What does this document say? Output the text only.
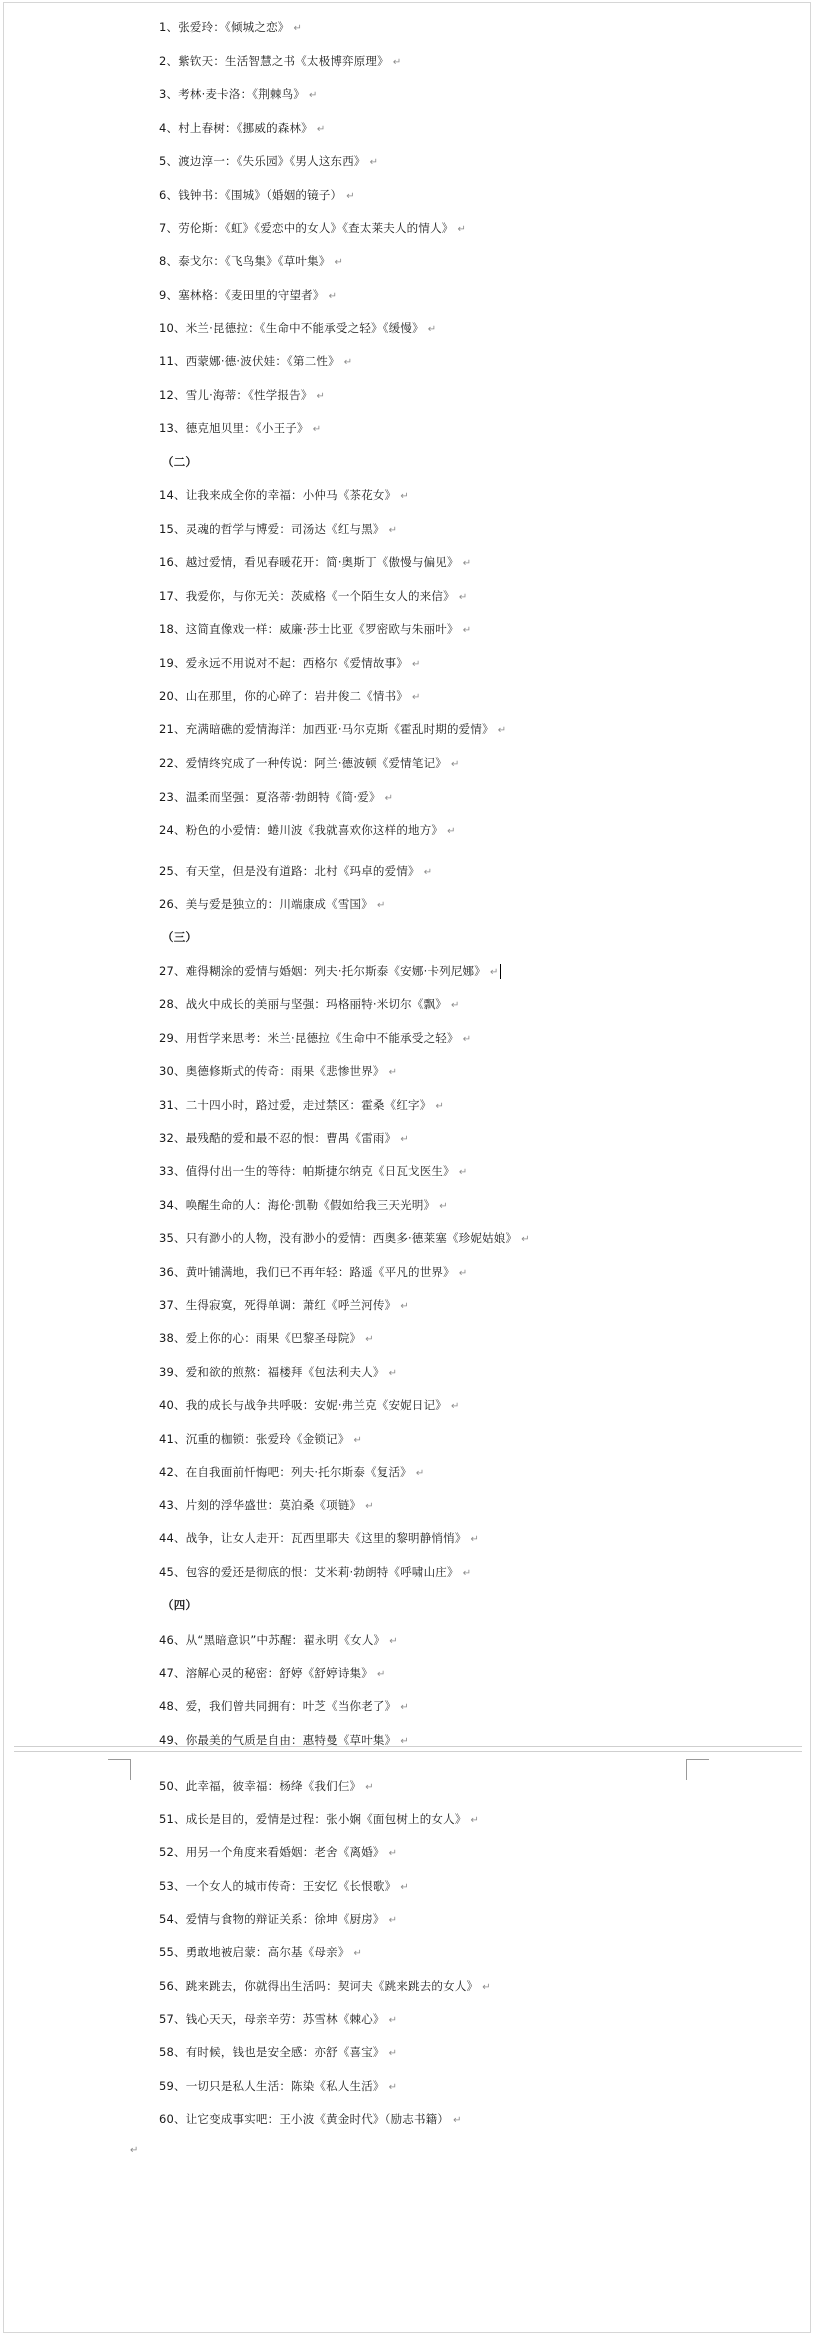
1、张爱玲：《倾城之恋》 ↵
2、紫钦天：生活智慧之书《太极博弈原理》 ↵
3、考林·麦卡洛：《荆棘鸟》 ↵
4、村上春树：《挪威的森林》 ↵
5、渡边淳一：《失乐园》《男人这东西》 ↵
6、钱钟书：《围城》（婚姻的镜子） ↵
7、劳伦斯：《虹》《爱恋中的女人》《查太莱夫人的情人》 ↵
8、泰戈尔：《飞鸟集》《草叶集》 ↵
9、塞林格：《麦田里的守望者》 ↵
10、米兰·昆德拉：《生命中不能承受之轻》《缓慢》 ↵
11、西蒙娜·德·波伏娃：《第二性》 ↵
12、雪儿·海蒂：《性学报告》 ↵
13、德克旭贝里：《小王子》 ↵
（二）
14、让我来成全你的幸福：小仲马《茶花女》 ↵
15、灵魂的哲学与博爱：司汤达《红与黑》 ↵
16、越过爱情，看见春暖花开：简·奥斯丁《傲慢与偏见》 ↵
17、我爱你，与你无关：茨威格《一个陌生女人的来信》 ↵
18、这简直像戏一样：威廉·莎士比亚《罗密欧与朱丽叶》 ↵
19、爱永远不用说对不起：西格尔《爱情故事》 ↵
20、山在那里，你的心碎了：岩井俊二《情书》 ↵
21、充满暗礁的爱情海洋：加西亚·马尔克斯《霍乱时期的爱情》 ↵
22、爱情终究成了一种传说：阿兰·德波顿《爱情笔记》 ↵
23、温柔而坚强：夏洛蒂·勃朗特《简·爱》 ↵
24、粉色的小爱情：蜷川波《我就喜欢你这样的地方》 ↵
25、有天堂，但是没有道路：北村《玛卓的爱情》 ↵
26、美与爱是独立的：川端康成《雪国》 ↵
（三）
27、难得糊涂的爱情与婚姻：列夫·托尔斯泰《安娜·卡列尼娜》 ↵
28、战火中成长的美丽与坚强：玛格丽特·米切尔《飘》 ↵
29、用哲学来思考：米兰·昆德拉《生命中不能承受之轻》 ↵
30、奥德修斯式的传奇：雨果《悲惨世界》 ↵
31、二十四小时，路过爱，走过禁区：霍桑《红字》 ↵
32、最残酷的爱和最不忍的恨：曹禺《雷雨》 ↵
33、值得付出一生的等待：帕斯捷尔纳克《日瓦戈医生》 ↵
34、唤醒生命的人：海伦·凯勒《假如给我三天光明》 ↵
35、只有渺小的人物，没有渺小的爱情：西奥多·德莱塞《珍妮姑娘》 ↵
36、黄叶铺满地，我们已不再年轻：路遥《平凡的世界》 ↵
37、生得寂寞，死得单调：萧红《呼兰河传》 ↵
38、爱上你的心：雨果《巴黎圣母院》 ↵
39、爱和欲的煎熬：福楼拜《包法利夫人》 ↵
40、我的成长与战争共呼吸：安妮·弗兰克《安妮日记》 ↵
41、沉重的枷锁：张爱玲《金锁记》 ↵
42、在自我面前忏悔吧：列夫·托尔斯泰《复活》 ↵
43、片刻的浮华盛世：莫泊桑《项链》 ↵
44、战争，让女人走开：瓦西里耶夫《这里的黎明静悄悄》 ↵
45、包容的爱还是彻底的恨：艾米莉·勃朗特《呼啸山庄》 ↵
（四）
46、从“黑暗意识”中苏醒：翟永明《女人》 ↵
47、溶解心灵的秘密：舒婷《舒婷诗集》 ↵
48、爱，我们曾共同拥有：叶芝《当你老了》 ↵
49、你最美的气质是自由：惠特曼《草叶集》 ↵
50、此幸福，彼幸福：杨绛《我们仨》 ↵
51、成长是目的，爱情是过程：张小娴《面包树上的女人》 ↵
52、用另一个角度来看婚姻：老舍《离婚》 ↵
53、一个女人的城市传奇：王安忆《长恨歌》 ↵
54、爱情与食物的辩证关系：徐坤《厨房》 ↵
55、勇敢地被启蒙：高尔基《母亲》 ↵
56、跳来跳去，你就得出生活吗：契诃夫《跳来跳去的女人》 ↵
57、钱心天天，母亲辛劳：苏雪林《棘心》 ↵
58、有时候，钱也是安全感：亦舒《喜宝》 ↵
59、一切只是私人生活：陈染《私人生活》 ↵
60、让它变成事实吧：王小波《黄金时代》（励志书籍） ↵
↵
